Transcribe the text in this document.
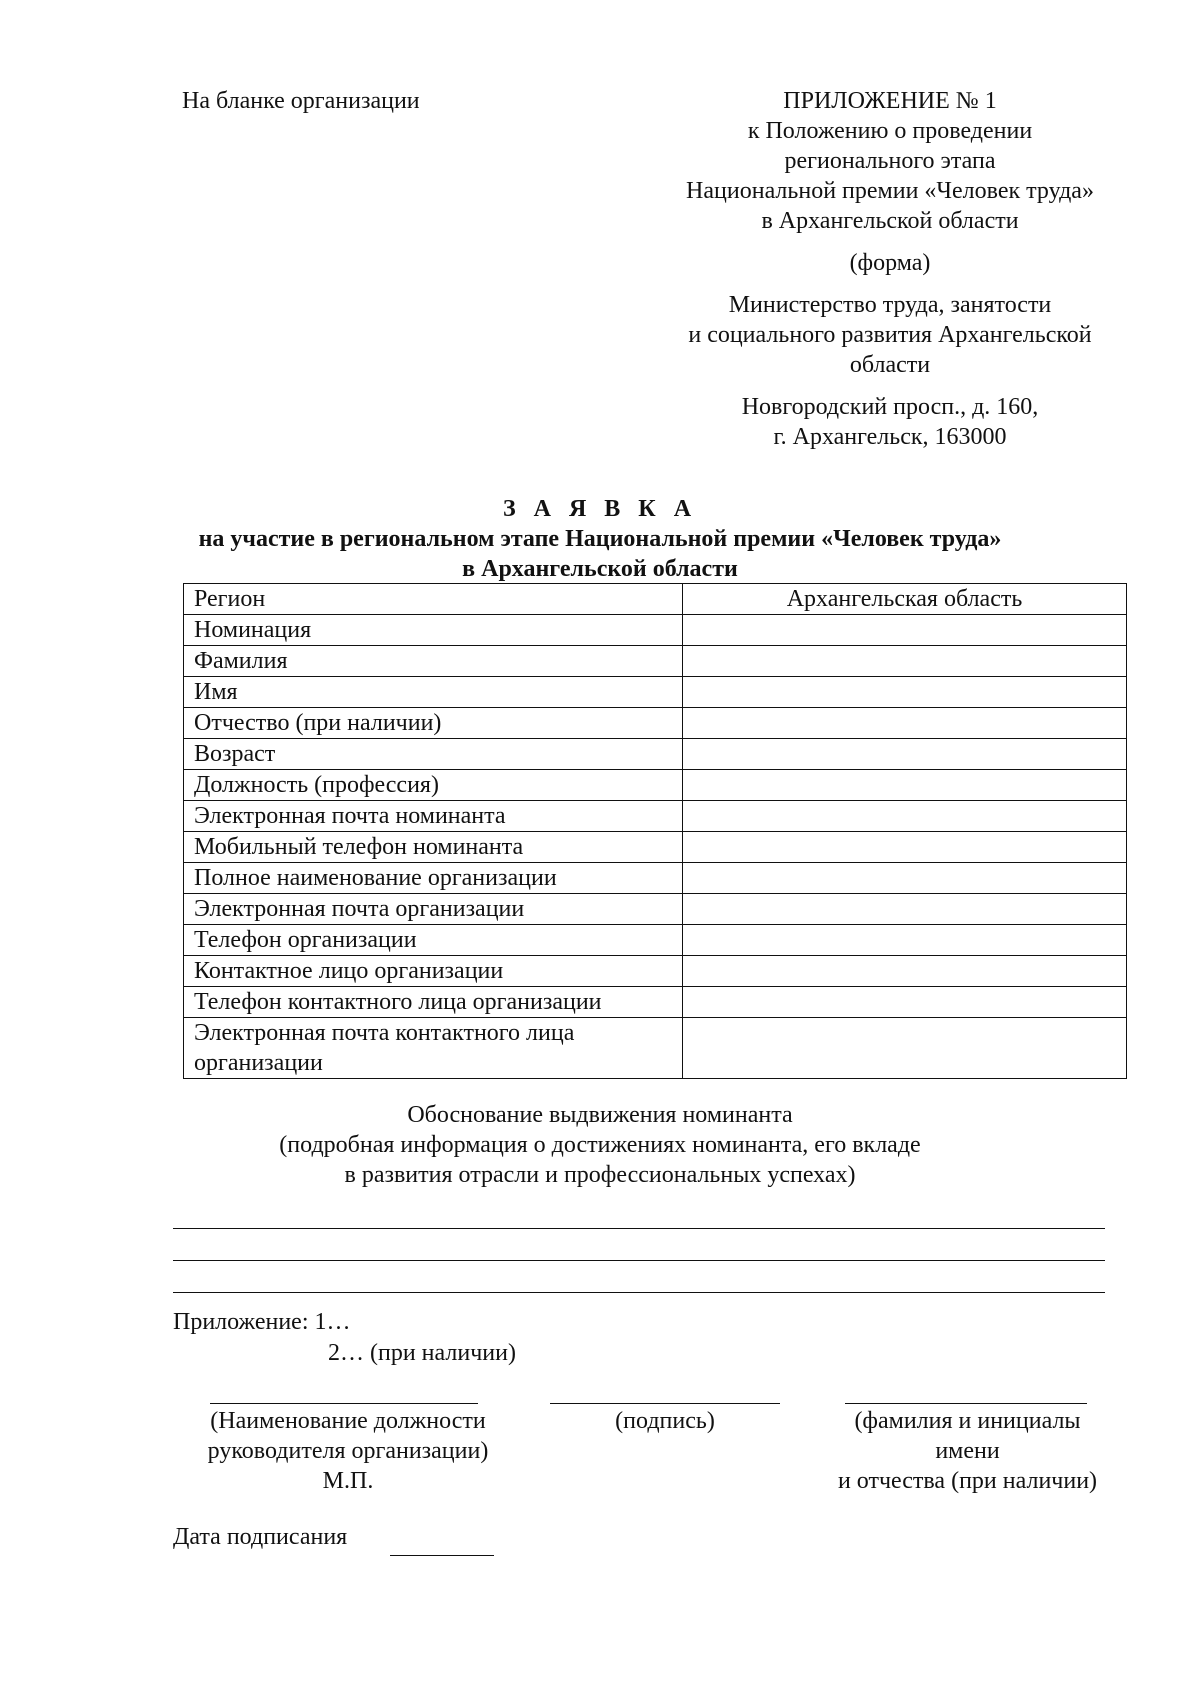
На бланке организации	ПРИЛОЖЕНИЕ № 1
к Положению о проведении
регионального этапа
Национальной премии «Человек труда»
в Архангельской области
(форма)
Министерство труда, занятости
и социального развития Архангельской
области
Новгородский просп., д. 160,
г. Архангельск, 163000
З А Я В К А
на участие в региональном этапе Национальной премии «Человек труда»
в Архангельской области
Регион	Архангельская область
Номинация	
Фамилия	
Имя	
Отчество (при наличии)	
Возраст	
Должность (профессия)	
Электронная почта номинанта	
Мобильный телефон номинанта	
Полное наименование организации	
Электронная почта организации	
Телефон организации	
Контактное лицо организации	
Телефон контактного лица организации	
Электронная почта контактного лица организации	
Обоснование выдвижения номинанта
(подробная информация о достижениях номинанта, его вкладе
в развития отрасли и профессиональных успехах)
Приложение: 1…
2… (при наличии)
(Наименование должности
руководителя организации)
М.П.
(подпись)	(фамилия и инициалы
имени
и отчества (при наличии)
Дата подписания
